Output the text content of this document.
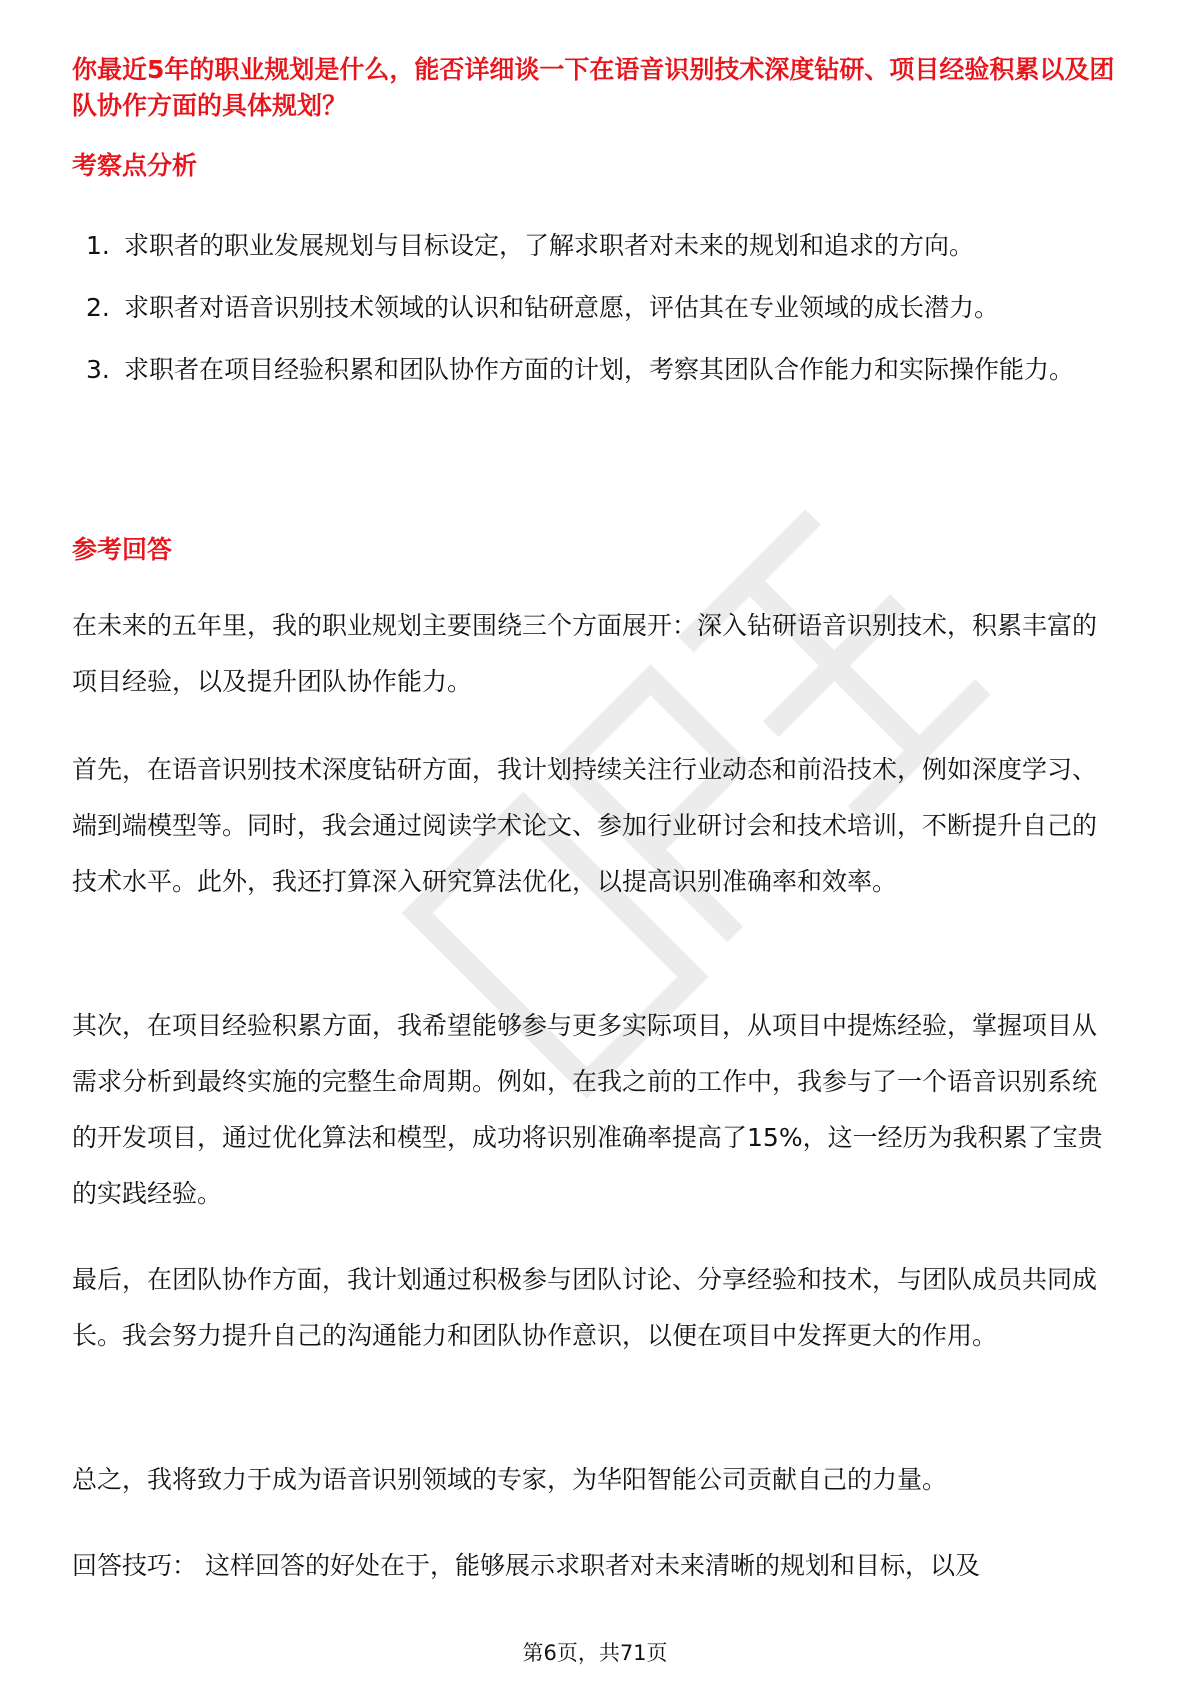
你最近5年的职业规划是什么，能否详细谈一下在语音识别技术深度钻研、项目经验积累以及团队协作方面的具体规划？
考察点分析
1. 求职者的职业发展规划与目标设定，了解求职者对未来的规划和追求的方向。
2. 求职者对语音识别技术领域的认识和钻研意愿，评估其在专业领域的成长潜力。
3. 求职者在项目经验积累和团队协作方面的计划，考察其团队合作能力和实际操作能力。
参考回答

在未来的五年里，我的职业规划主要围绕三个方面展开：深入钻研语音识别技术，积累丰富的项目经验，以及提升团队协作能力。

首先，在语音识别技术深度钻研方面，我计划持续关注行业动态和前沿技术，例如深度学习、端到端模型等。同时，我会通过阅读学术论文、参加行业研讨会和技术培训，不断提升自己的技术水平。此外，我还打算深入研究算法优化，以提高识别准确率和效率。

其次，在项目经验积累方面，我希望能够参与更多实际项目，从项目中提炼经验，掌握项目从需求分析到最终实施的完整生命周期。例如，在我之前的工作中，我参与了一个语音识别系统的开发项目，通过优化算法和模型，成功将识别准确率提高了15%，这一经历为我积累了宝贵的实践经验。

最后，在团队协作方面，我计划通过积极参与团队讨论、分享经验和技术，与团队成员共同成长。我会努力提升自己的沟通能力和团队协作意识，以便在项目中发挥更大的作用。

总之，我将致力于成为语音识别领域的专家，为华阳智能公司贡献自己的力量。

回答技巧： 这样回答的好处在于，能够展示求职者对未来清晰的规划和目标，以及

第6页，共71页
